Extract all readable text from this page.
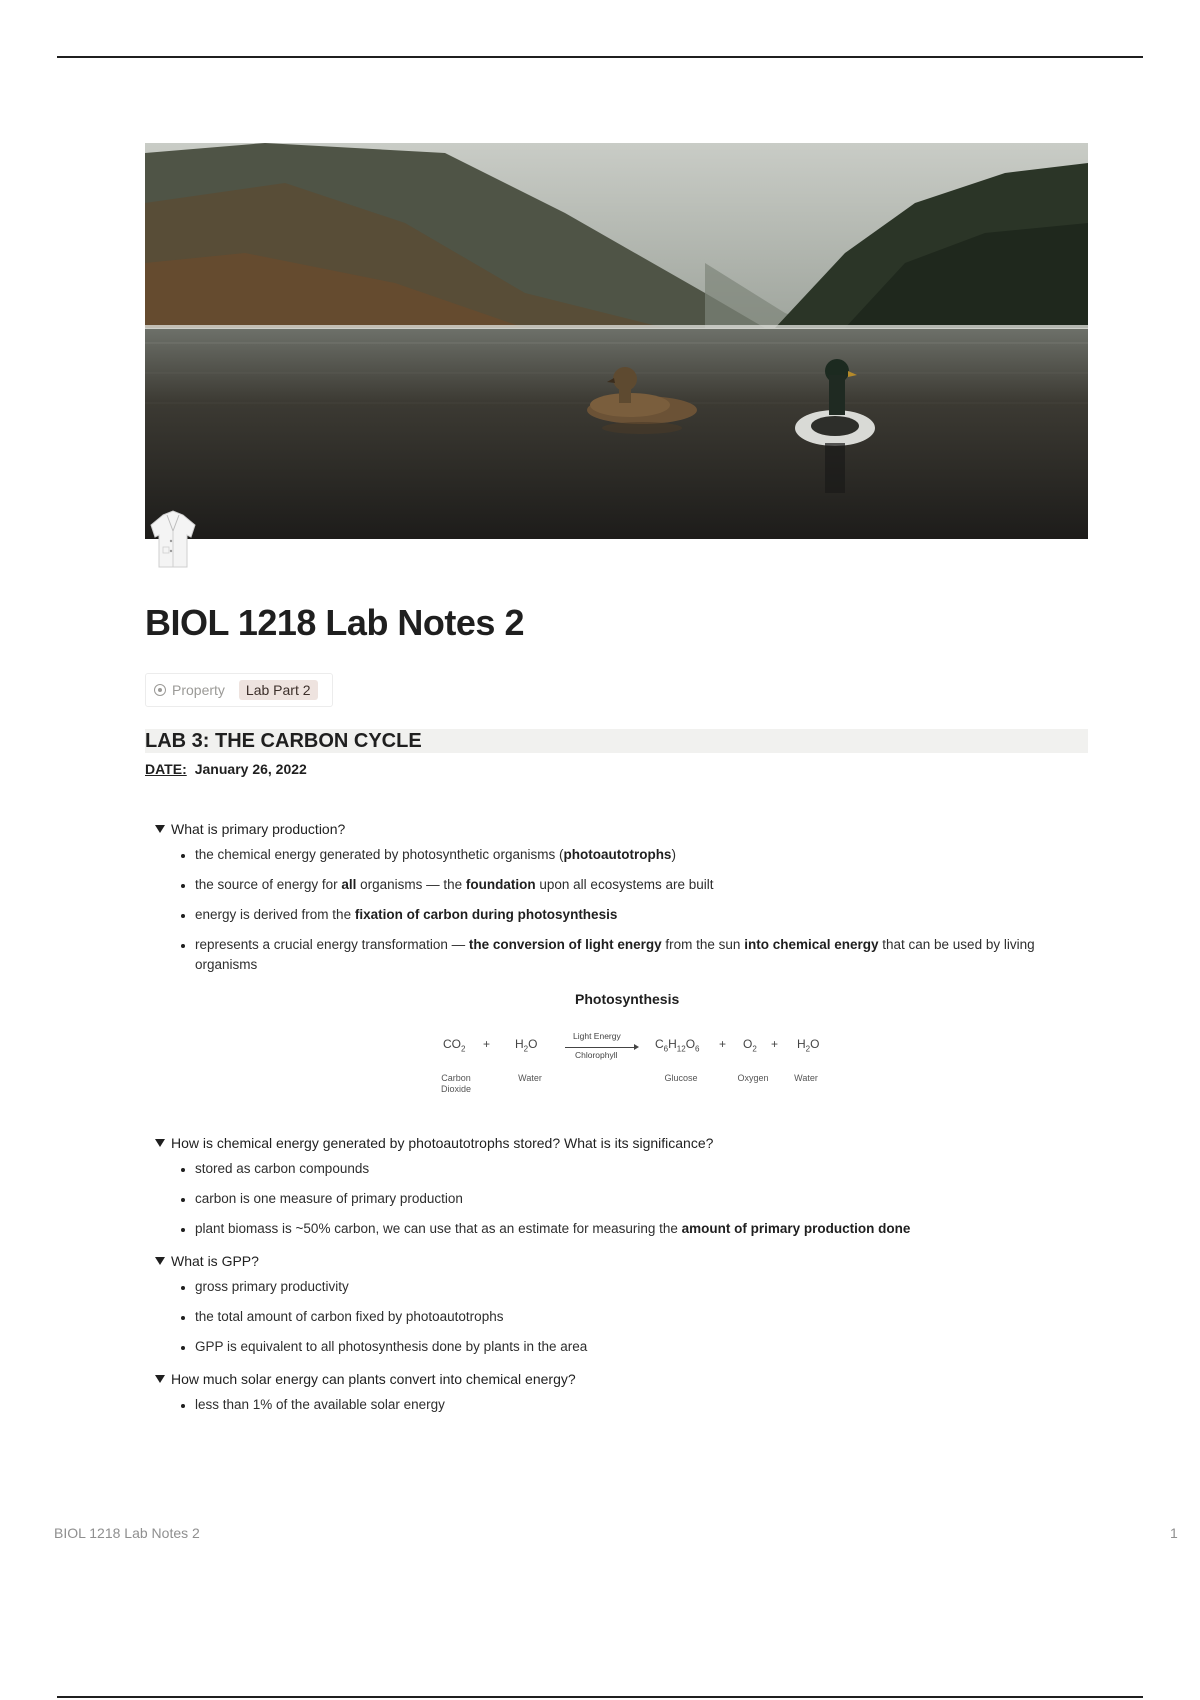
BIOL 1218 Lab Notes 2
Property	Lab Part 2
LAB 3: THE CARBON CYCLE
DATE: January 26, 2022
What is primary production?
the chemical energy generated by photosynthetic organisms (photoautotrophs)
the source of energy for all organisms — the foundation upon all ecosystems are built
energy is derived from the fixation of carbon during photosynthesis
represents a crucial energy transformation — the conversion of light energy from the sun into chemical energy that can be used by living organisms
Photosynthesis
$CO_2 + H_2O$
Light Energy
Chlorophyll
$C_6H_{12}O_6 + O_2 + H_2O$
Carbon
Dioxide
Water	Glucose	Oxygen	Water
How is chemical energy generated by photoautotrophs stored? What is its significance?
stored as carbon compounds
carbon is one measure of primary production
plant biomass is ~50% carbon, we can use that as an estimate for measuring the amount of primary production done
What is GPP?
gross primary productivity
the total amount of carbon fixed by photoautotrophs
GPP is equivalent to all photosynthesis done by plants in the area
How much solar energy can plants convert into chemical energy?
less than 1% of the available solar energy
BIOL 1218 Lab Notes 2	1
